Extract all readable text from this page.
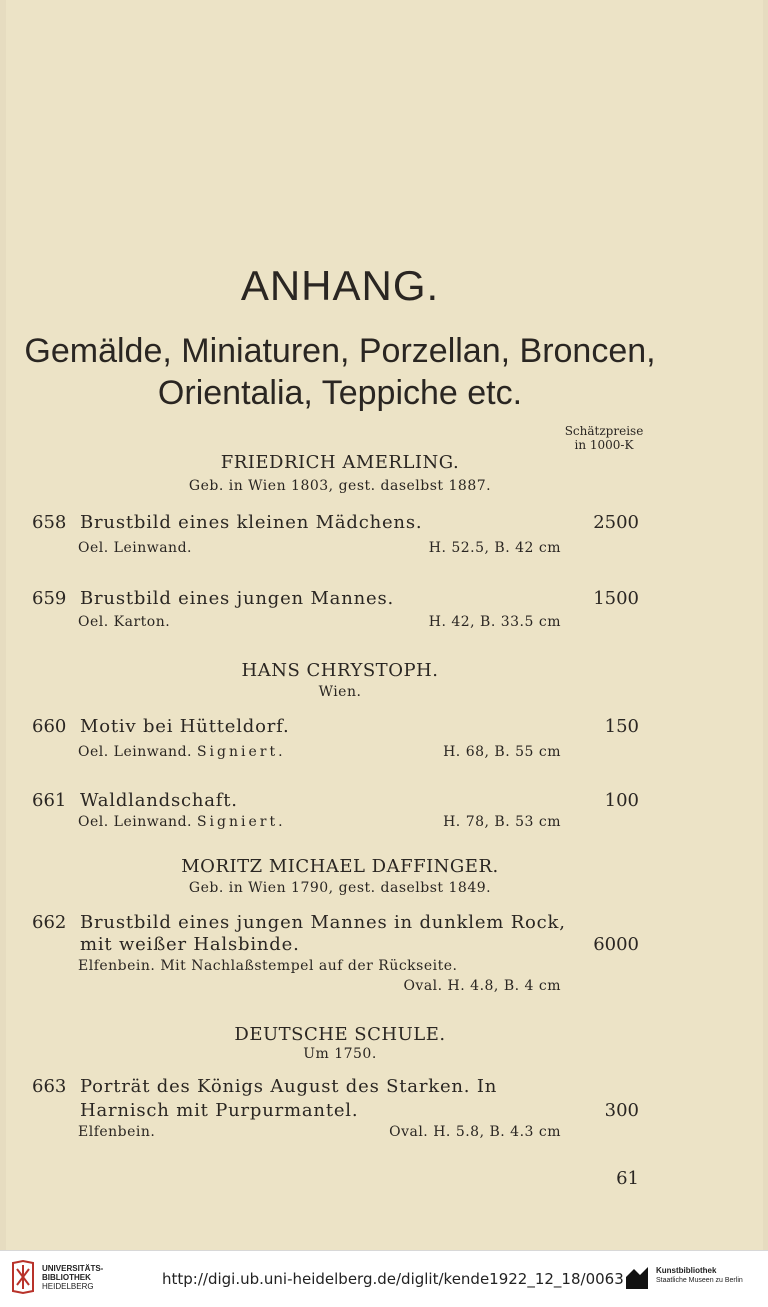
ANHANG.
Gemälde, Miniaturen, Porzellan, Broncen,
Orientalia, Teppiche etc.
Schätzpreise
in 1000-K
FRIEDRICH AMERLING.
Geb. in Wien 1803, gest. daselbst 1887.
658 Brustbild eines kleinen Mädchens.	2500
Oel. Leinwand.	H. 52.5, B. 42 cm
659 Brustbild eines jungen Mannes.	1500
Oel. Karton.	H. 42, B. 33.5 cm
HANS CHRYSTOPH.
Wien.
660 Motiv bei Hütteldorf.	150
Oel. Leinwand. Signiert.	H. 68, B. 55 cm
661 Waldlandschaft.	100
Oel. Leinwand. Signiert.	H. 78, B. 53 cm
MORITZ MICHAEL DAFFINGER.
Geb. in Wien 1790, gest. daselbst 1849.
662 Brustbild eines jungen Mannes in dunklem Rock,
mit weißer Halsbinde.	6000
Elfenbein. Mit Nachlaßstempel auf der Rückseite.
Oval. H. 4.8, B. 4 cm
DEUTSCHE SCHULE.
Um 1750.
663 Porträt des Königs August des Starken. In
Harnisch mit Purpurmantel.	300
Elfenbein.	Oval. H. 5.8, B. 4.3 cm
61
UNIVERSITÄTS-
BIBLIOTHEK
HEIDELBERG	http://digi.ub.uni-heidelberg.de/diglit/kende1922_12_18/0063	Kunstbibliothek
Staatliche Museen zu Berlin
